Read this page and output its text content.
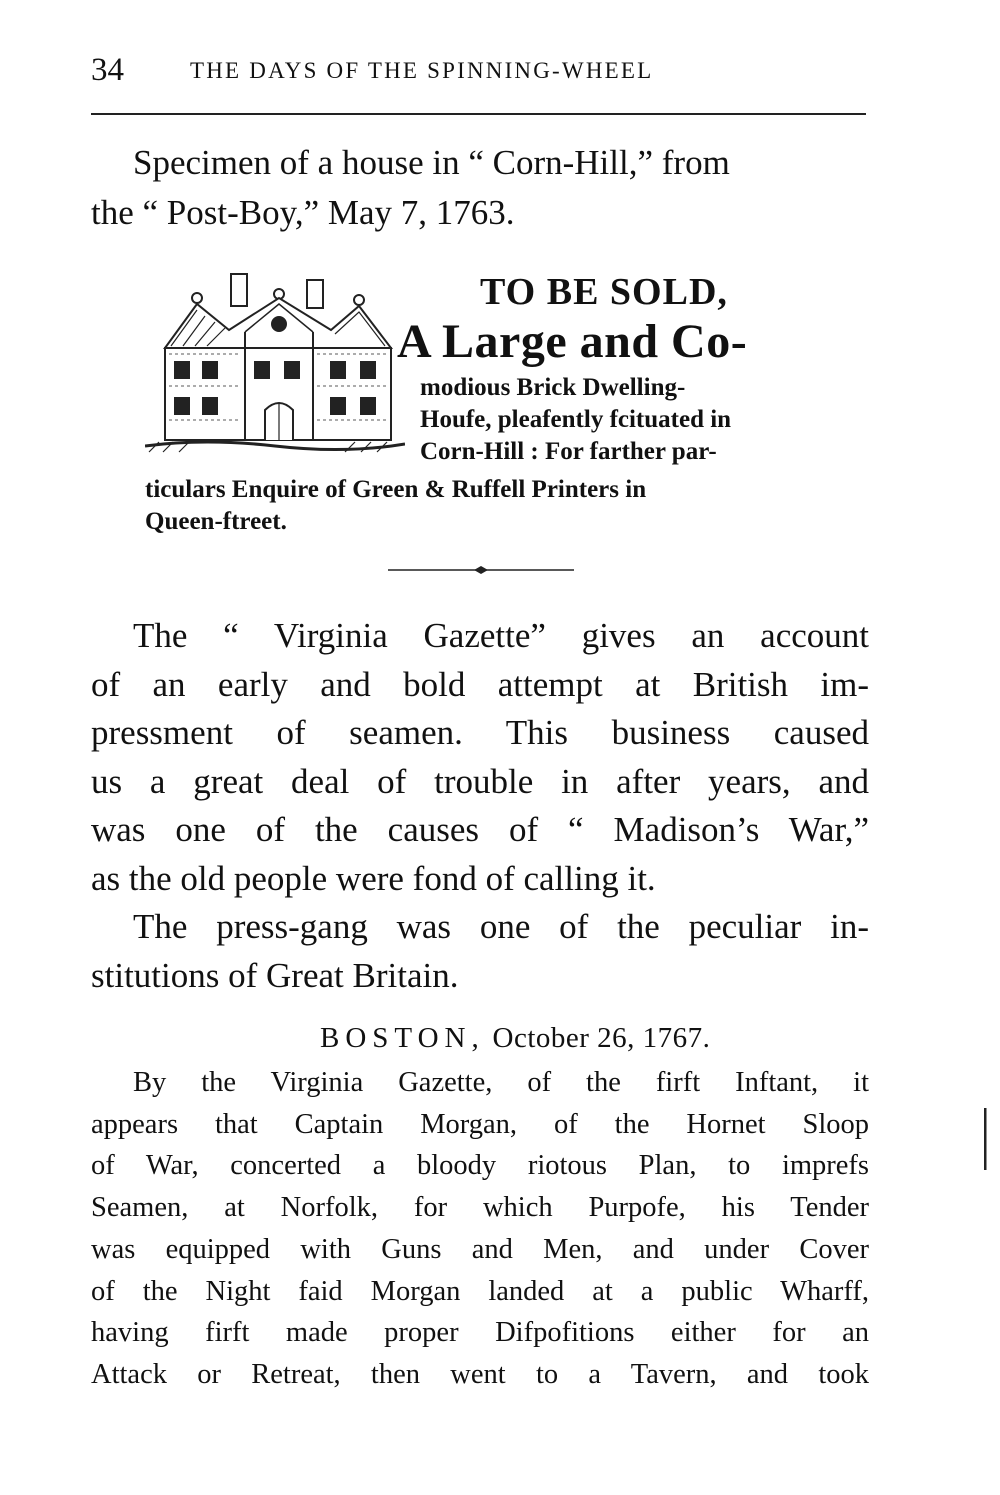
34	THE DAYS OF THE SPINNING-WHEEL
Specimen of a house in “ Corn-Hill,” from
the “ Post-Boy,” May 7, 1763.
TO BE SOLD,
A Large and Co-
modious Brick Dwelling-
Houfe, pleafently fcituated in
Corn-Hill : For farther par-
ticulars Enquire of Green & Ruffell Printers in
Queen-ftreet.
The “ Virginia Gazette” gives an account
of an early and bold attempt at British im-
pressment of seamen. This business caused
us a great deal of trouble in after years, and
was one of the causes of “ Madison’s War,”
as the old people were fond of calling it.
The press-gang was one of the peculiar in-
stitutions of Great Britain.
BOSTON, October 26, 1767.
By the Virginia Gazette, of the firft Inftant, it
appears that Captain Morgan, of the Hornet Sloop
of War, concerted a bloody riotous Plan, to imprefs
Seamen, at Norfolk, for which Purpofe, his Tender
was equipped with Guns and Men, and under Cover
of the Night faid Morgan landed at a public Wharff,
having firft made proper Difpofitions either for an
Attack or Retreat, then went to a Tavern, and took
